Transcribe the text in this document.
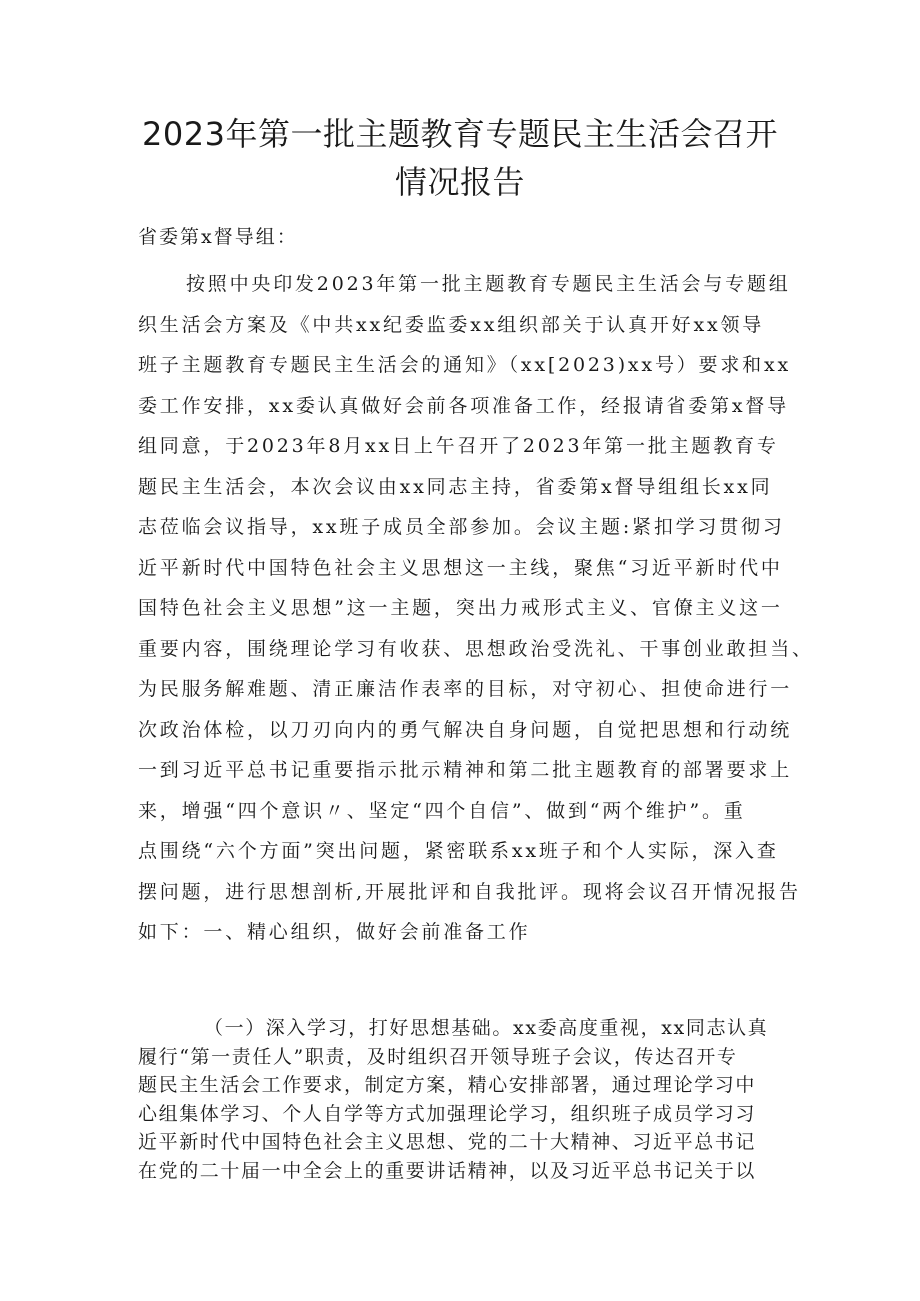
2023年第一批主题教育专题民主生活会召开
情况报告
省委第x督导组：
按照中央印发2023年第一批主题教育专题民主生活会与专题组
织生活会方案及《中共xx纪委监委xx组织部关于认真开好xx领导
班子主题教育专题民主生活会的通知》（xx[2023)xx号）要求和xx
委工作安排，xx委认真做好会前各项准备工作，经报请省委第x督导
组同意，于2023年8月xx日上午召开了2023年第一批主题教育专
题民主生活会，本次会议由xx同志主持，省委第x督导组组长xx同
志莅临会议指导，xx班子成员全部参加。会议主题:紧扣学习贯彻习
近平新时代中国特色社会主义思想这一主线，聚焦“习近平新时代中
国特色社会主义思想”这一主题，突出力戒形式主义、官僚主义这一
重要内容，围绕理论学习有收获、思想政治受洗礼、干事创业敢担当、
为民服务解难题、清正廉洁作表率的目标，对守初心、担使命进行一
次政治体检，以刀刃向内的勇气解决自身问题，自觉把思想和行动统
一到习近平总书记重要指示批示精神和第二批主题教育的部署要求上
来，增强“四个意识〃、坚定“四个自信”、做到“两个维护”。重
点围绕“六个方面”突出问题，紧密联系xx班子和个人实际，深入查
摆问题，进行思想剖析,开展批评和自我批评。现将会议召开情况报告
如下：一、精心组织，做好会前准备工作
（一）深入学习，打好思想基础。xx委高度重视，xx同志认真
履行“第一责任人”职责，及时组织召开领导班子会议，传达召开专
题民主生活会工作要求，制定方案，精心安排部署，通过理论学习中
心组集体学习、个人自学等方式加强理论学习，组织班子成员学习习
近平新时代中国特色社会主义思想、党的二十大精神、习近平总书记
在党的二十届一中全会上的重要讲话精神，以及习近平总书记关于以
